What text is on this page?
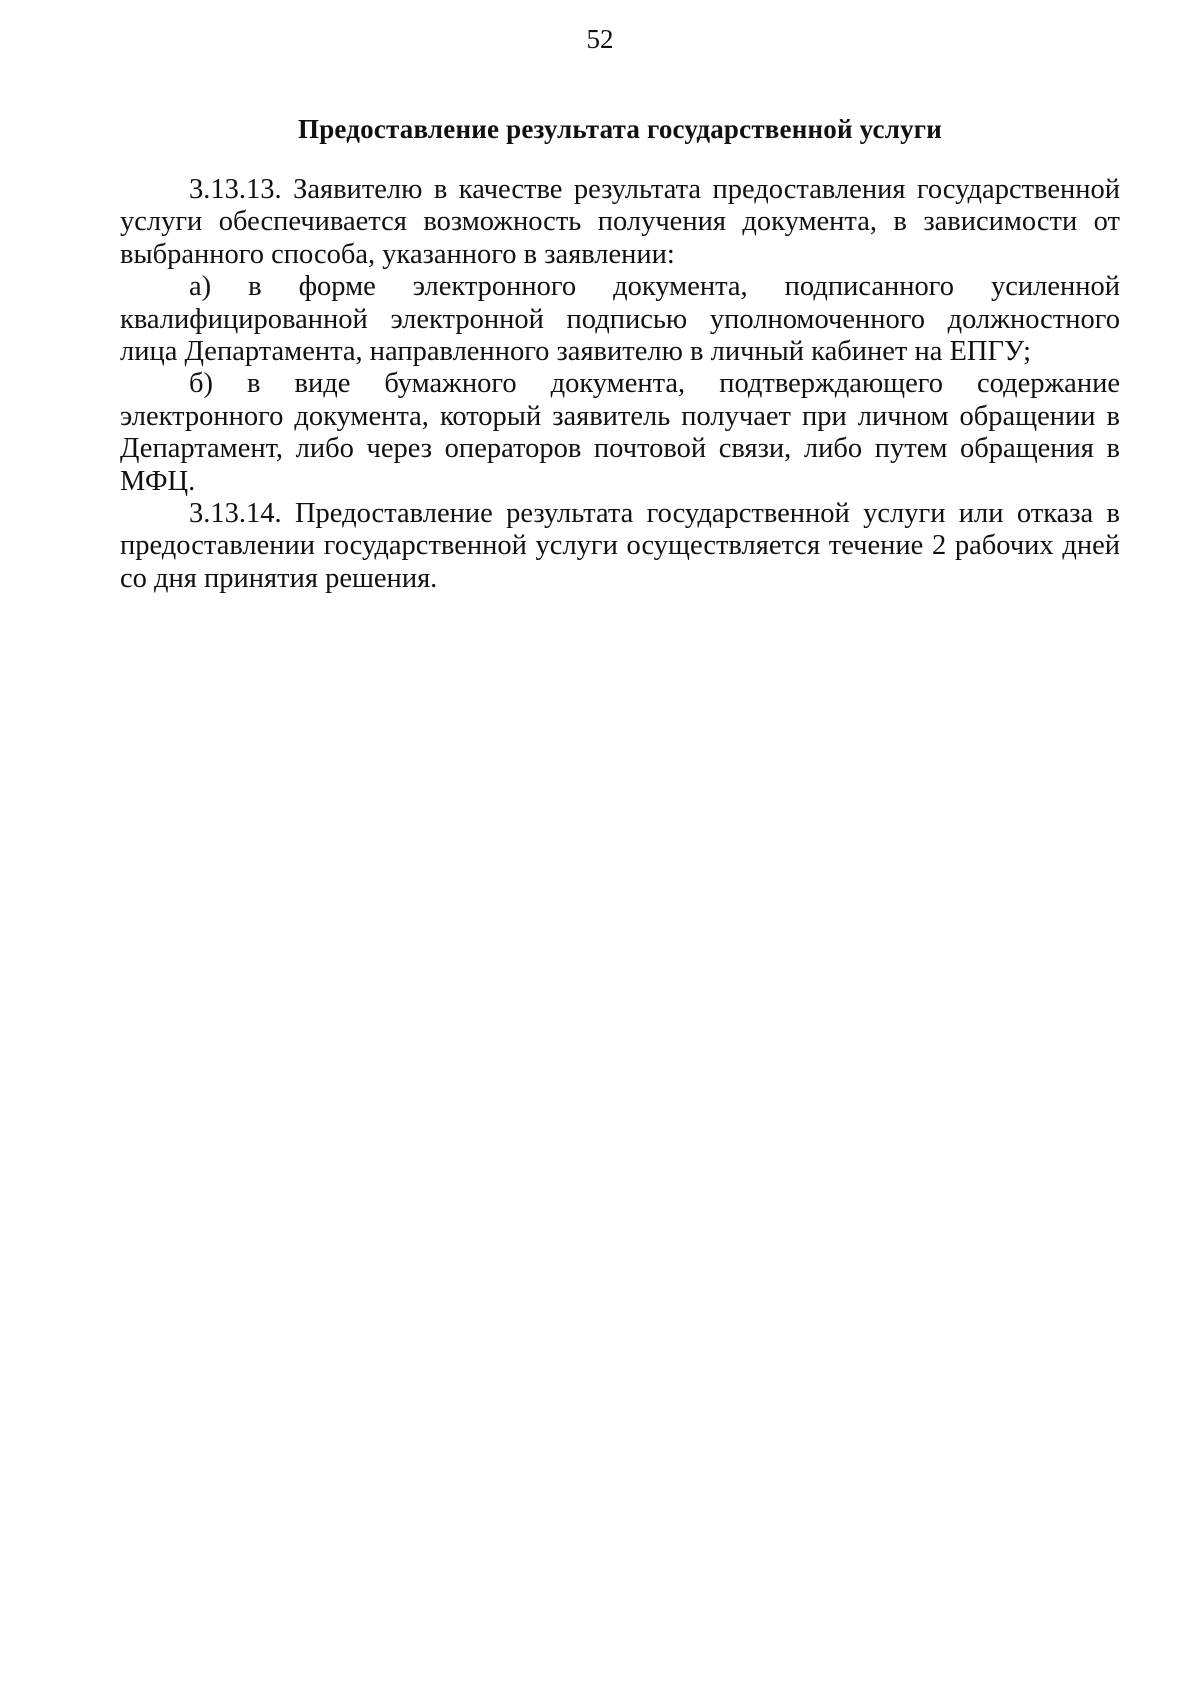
52
Предоставление результата государственной услуги

3.13.13. Заявителю в качестве результата предоставления государственной услуги обеспечивается возможность получения документа, в зависимости от выбранного способа, указанного в заявлении:

а) в форме электронного документа, подписанного усиленной квалифицированной электронной подписью уполномоченного должностного лица Департамента, направленного заявителю в личный кабинет на ЕПГУ;

б) в виде бумажного документа, подтверждающего содержание электронного документа, который заявитель получает при личном обращении в Департамент, либо через операторов почтовой связи, либо путем обращения в МФЦ.

3.13.14. Предоставление результата государственной услуги или отказа в предоставлении государственной услуги осуществляется течение 2 рабочих дней со дня принятия решения.
